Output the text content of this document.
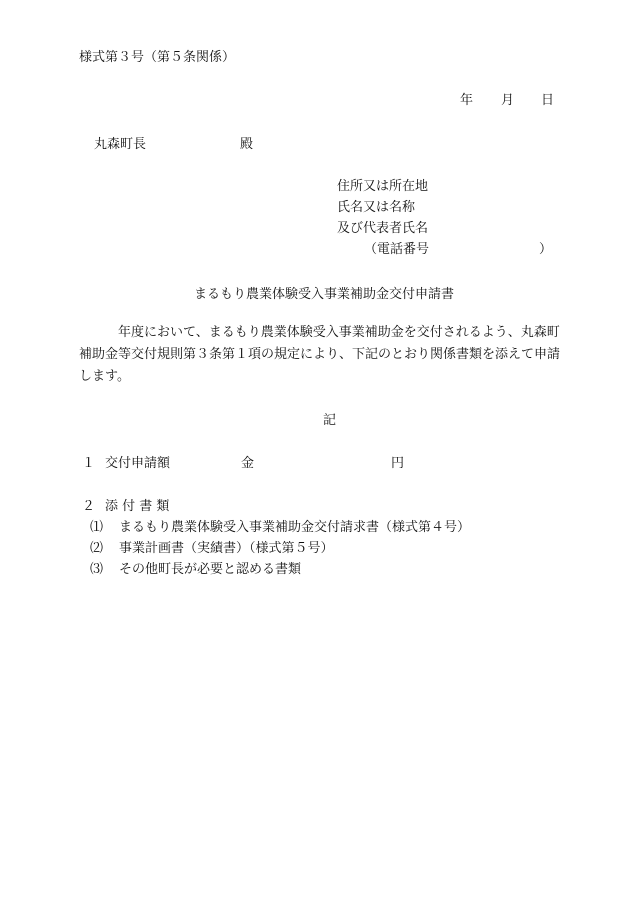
様式第３号（第５条関係）
年 月 日
丸森町長	殿
住所又は所在地
氏名又は名称
及び代表者氏名
（電話番号	）
まるもり農業体験受入事業補助金交付申請書
　　　年度において、まるもり農業体験受入事業補助金を交付されるよう、丸森町
補助金等交付規則第３条第１項の規定により、下記のとおり関係書類を添えて申請
します。
記
１ 交付申請額	金	円
２ 添 付 書 類
⑴ まるもり農業体験受入事業補助金交付請求書（様式第４号）
⑵ 事業計画書（実績書）（様式第５号）
⑶ その他町長が必要と認める書類
